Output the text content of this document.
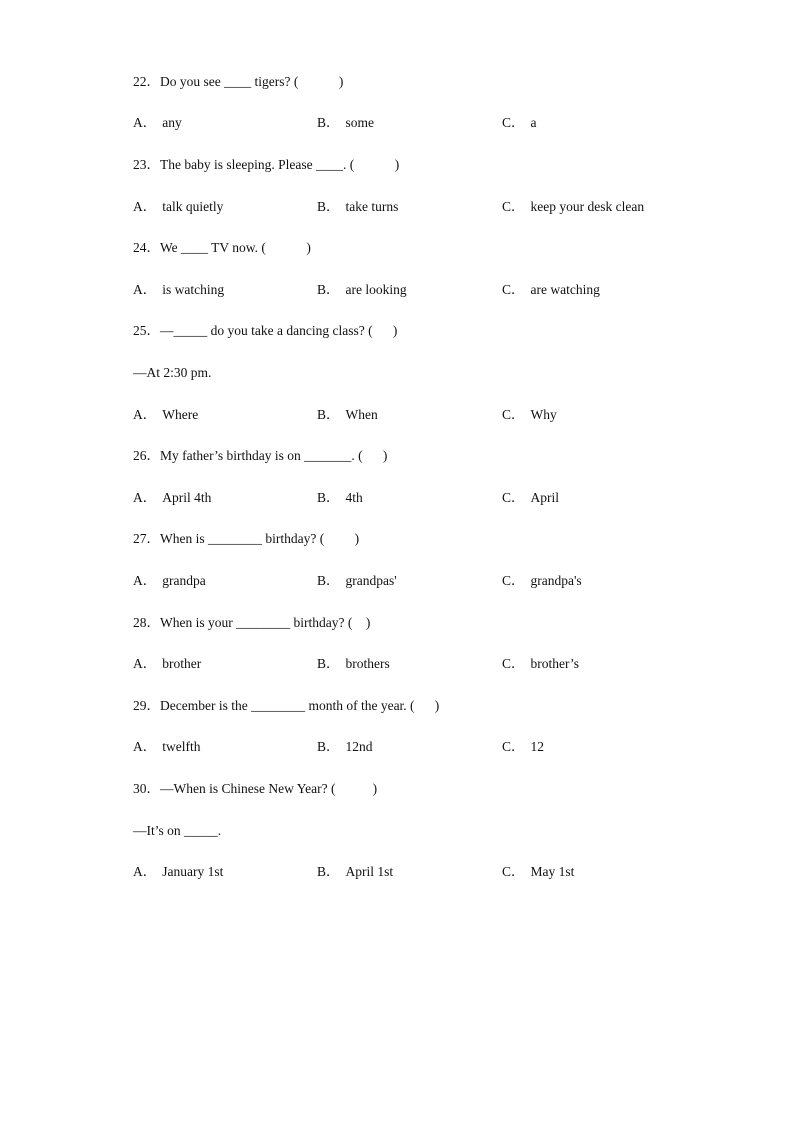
22．Do you see ____ tigers? (            )
A． any	B． some	C． a
23．The baby is sleeping. Please ____. (            )
A． talk quietly	B． take turns	C． keep your desk clean
24．We ____ TV now. (            )
A． is watching	B． are looking	C． are watching
25．—_____ do you take a dancing class? (      )
—At 2:30 pm.
A． Where	B． When	C． Why
26．My father’s birthday is on _______. (      )
A． April 4th	B． 4th	C． April
27．When is ________ birthday? (         )
A． grandpa	B． grandpas'	C． grandpa's
28．When is your ________ birthday? (    )
A． brother	B． brothers	C． brother’s
29．December is the ________ month of the year. (      )
A． twelfth	B． 12nd	C． 12
30．—When is Chinese New Year? (           )
—It’s on _____.
A． January 1st	B． April 1st	C． May 1st
